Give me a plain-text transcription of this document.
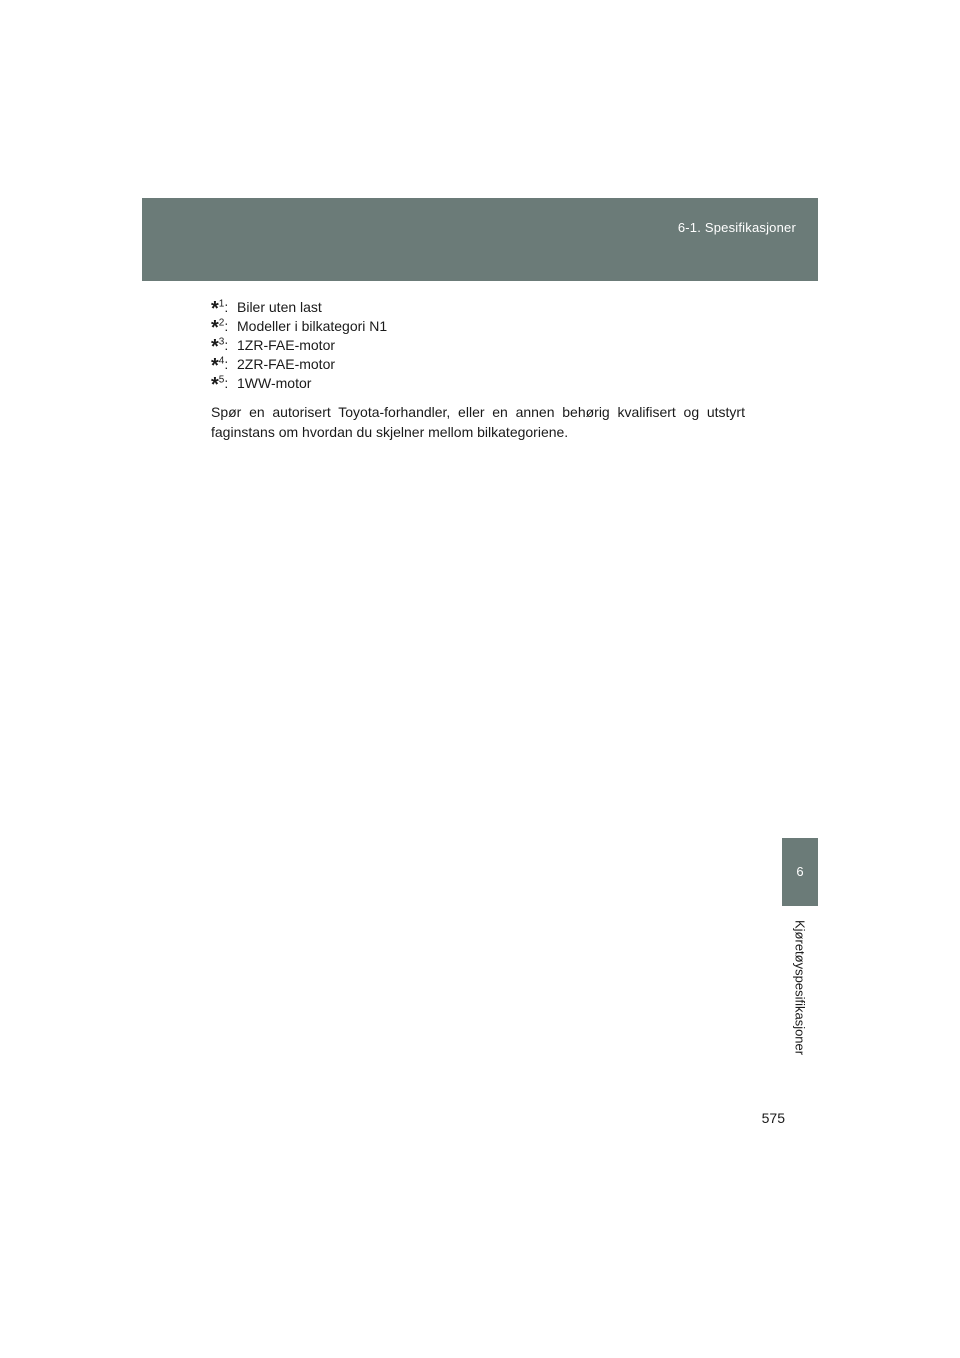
6-1. Spesifikasjoner
6
Kjøretøyspesifikasjoner
*$^1$: Biler uten last
*$^2$: Modeller i bilkategori N1
*$^3$: 1ZR-FAE-motor
*$^4$: 2ZR-FAE-motor
*$^5$: 1WW-motor

Spør en autorisert Toyota-forhandler, eller en annen behørig kvalifisert og utstyrt faginstans om hvordan du skjelner mellom bilkategoriene.

575
